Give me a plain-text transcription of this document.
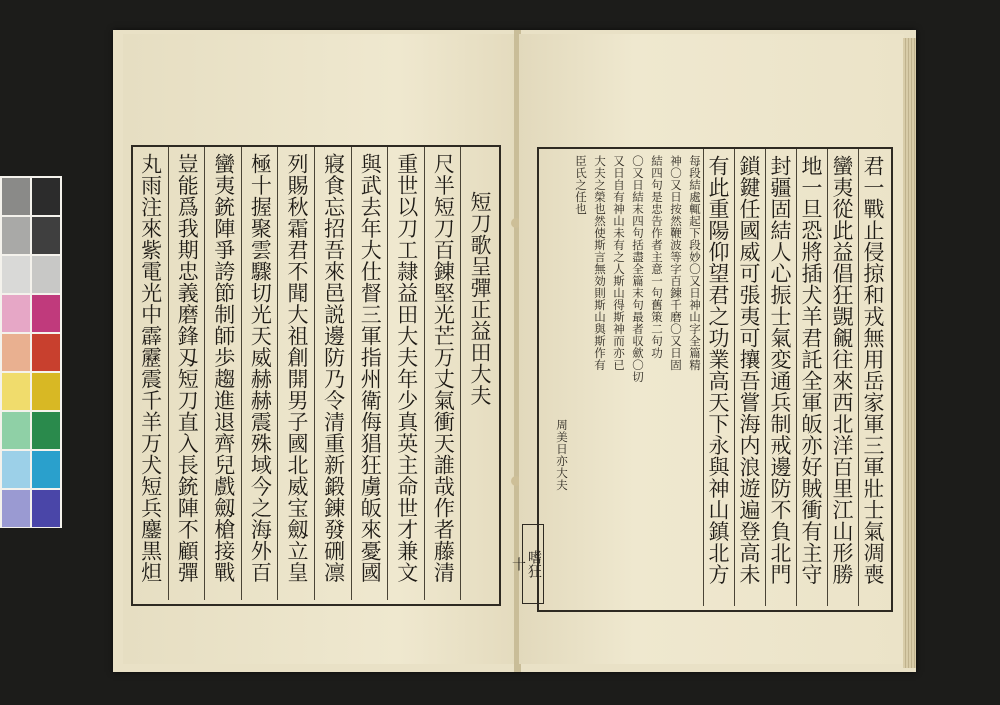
短刀歌呈彈正益田大夫
尺半短刀百錬堅光芒万丈氣衝天誰哉作者藤清
重世以刀工隷益田大夫年少真英主命世才兼文
與武去年大仕督三軍指州衛侮猖狂虜皈來憂國
寢食忘招吾來邑説邊防乃令清重新鍛錬發硎凛
列賜秋霜君不聞大祖創開男子國北威宝劔立皇
極十握聚雲驟切光天威赫赫震殊域今之海外百
蠻夷銃陣爭誇節制師歩趨進退齊兒戲劔槍接戰
豈能爲我期忠義磨鋒刄短刀直入長銃陣不顧彈
丸雨注來紫電光中霹靂震千羊万犬短兵鏖黒炟	君一戰止侵掠和戎無用岳家軍三軍壯士氣凋喪
蠻夷從此益倡狂覬覦往來西北洋百里江山形勝
地一旦恐將插犬羊君託全軍皈亦好賊衝有主守
封疆固結人心振士氣変通兵制戒邊防不負北門
鎖鍵任國威可張夷可攘吾嘗海内浪遊遍登高未
有此重陽仰望君之功業高天下永與神山鎮北方
每段結處輒起下段妙〇又日神山字全篇精
神〇又日按然鞭波等字百錬千磨〇又日固
結四句是忠告作者主意一句舊策二句功
〇又日結末四句括盡全篇末句最者収歛〇切
又日自有神山未有之人斯山得斯神而亦已
大夫之榮也然使斯言無効則斯山與斯作有
臣氏之任也
周美日亦大夫
嗜狂
十
